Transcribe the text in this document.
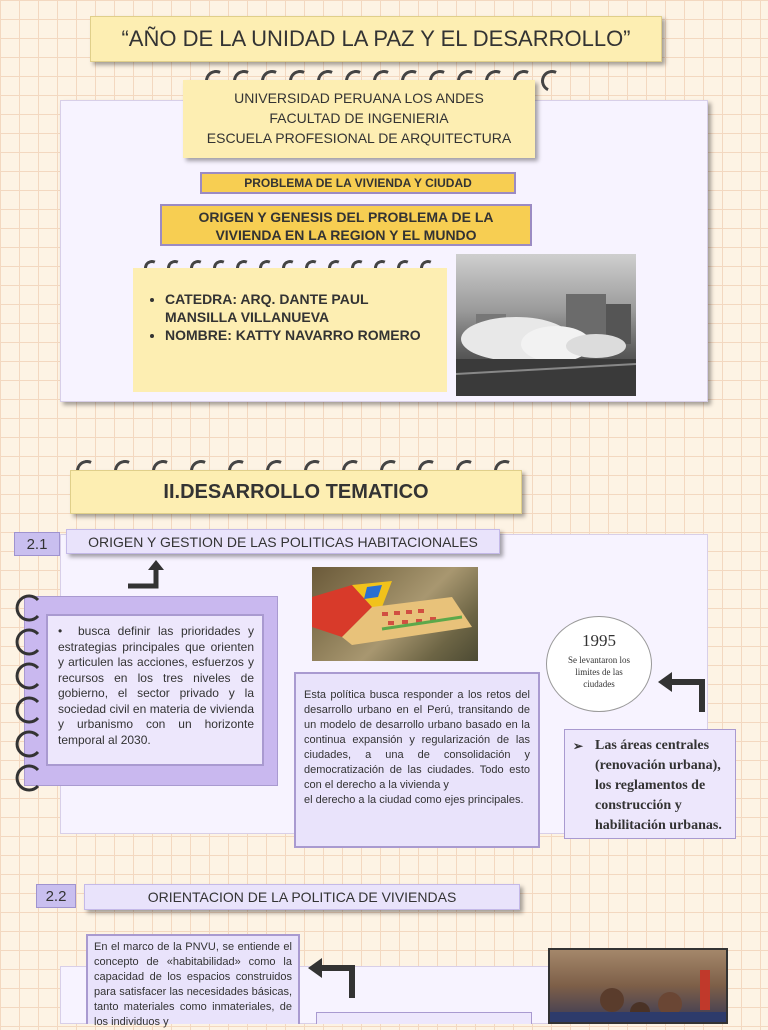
“AÑO DE LA UNIDAD LA PAZ Y EL DESARROLLO”
UNIVERSIDAD PERUANA LOS ANDES
FACULTAD DE INGENIERIA
ESCUELA PROFESIONAL DE ARQUITECTURA
PROBLEMA DE LA VIVIENDA Y CIUDAD
ORIGEN Y GENESIS DEL PROBLEMA DE LA
VIVIENDA EN LA REGION Y EL MUNDO
• CATEDRA: ARQ. DANTE PAUL MANSILLA VILLANUEVA
• NOMBRE: KATTY NAVARRO ROMERO
II.DESARROLLO TEMATICO
2.1	ORIGEN Y GESTION DE LAS POLITICAS HABITACIONALES
• busca definir las prioridades y estrategias principales que orienten y articulen las acciones, esfuerzos y recursos en los tres niveles de gobierno, el sector privado y la sociedad civil en materia de vivienda y urbanismo con un horizonte temporal al 2030.
Esta política busca responder a los retos del desarrollo urbano en el Perú, transitando de un modelo de desarrollo urbano basado en la continua expansión y regularización de las ciudades, a una de consolidación y democratización de las ciudades. Todo esto con el derecho a la vivienda y
el derecho a la ciudad como ejes principales.
1995
Se levantaron los limites de las ciudades
➢ Las áreas centrales (renovación urbana), los reglamentos de construcción y habilitación urbanas.
2.2	ORIENTACION DE LA POLITICA DE VIVIENDAS
En el marco de la PNVU, se entiende el concepto de «habitabilidad» como la capacidad de los espacios construidos para satisfacer las necesidades básicas, tanto materiales como inmateriales, de los individuos y
